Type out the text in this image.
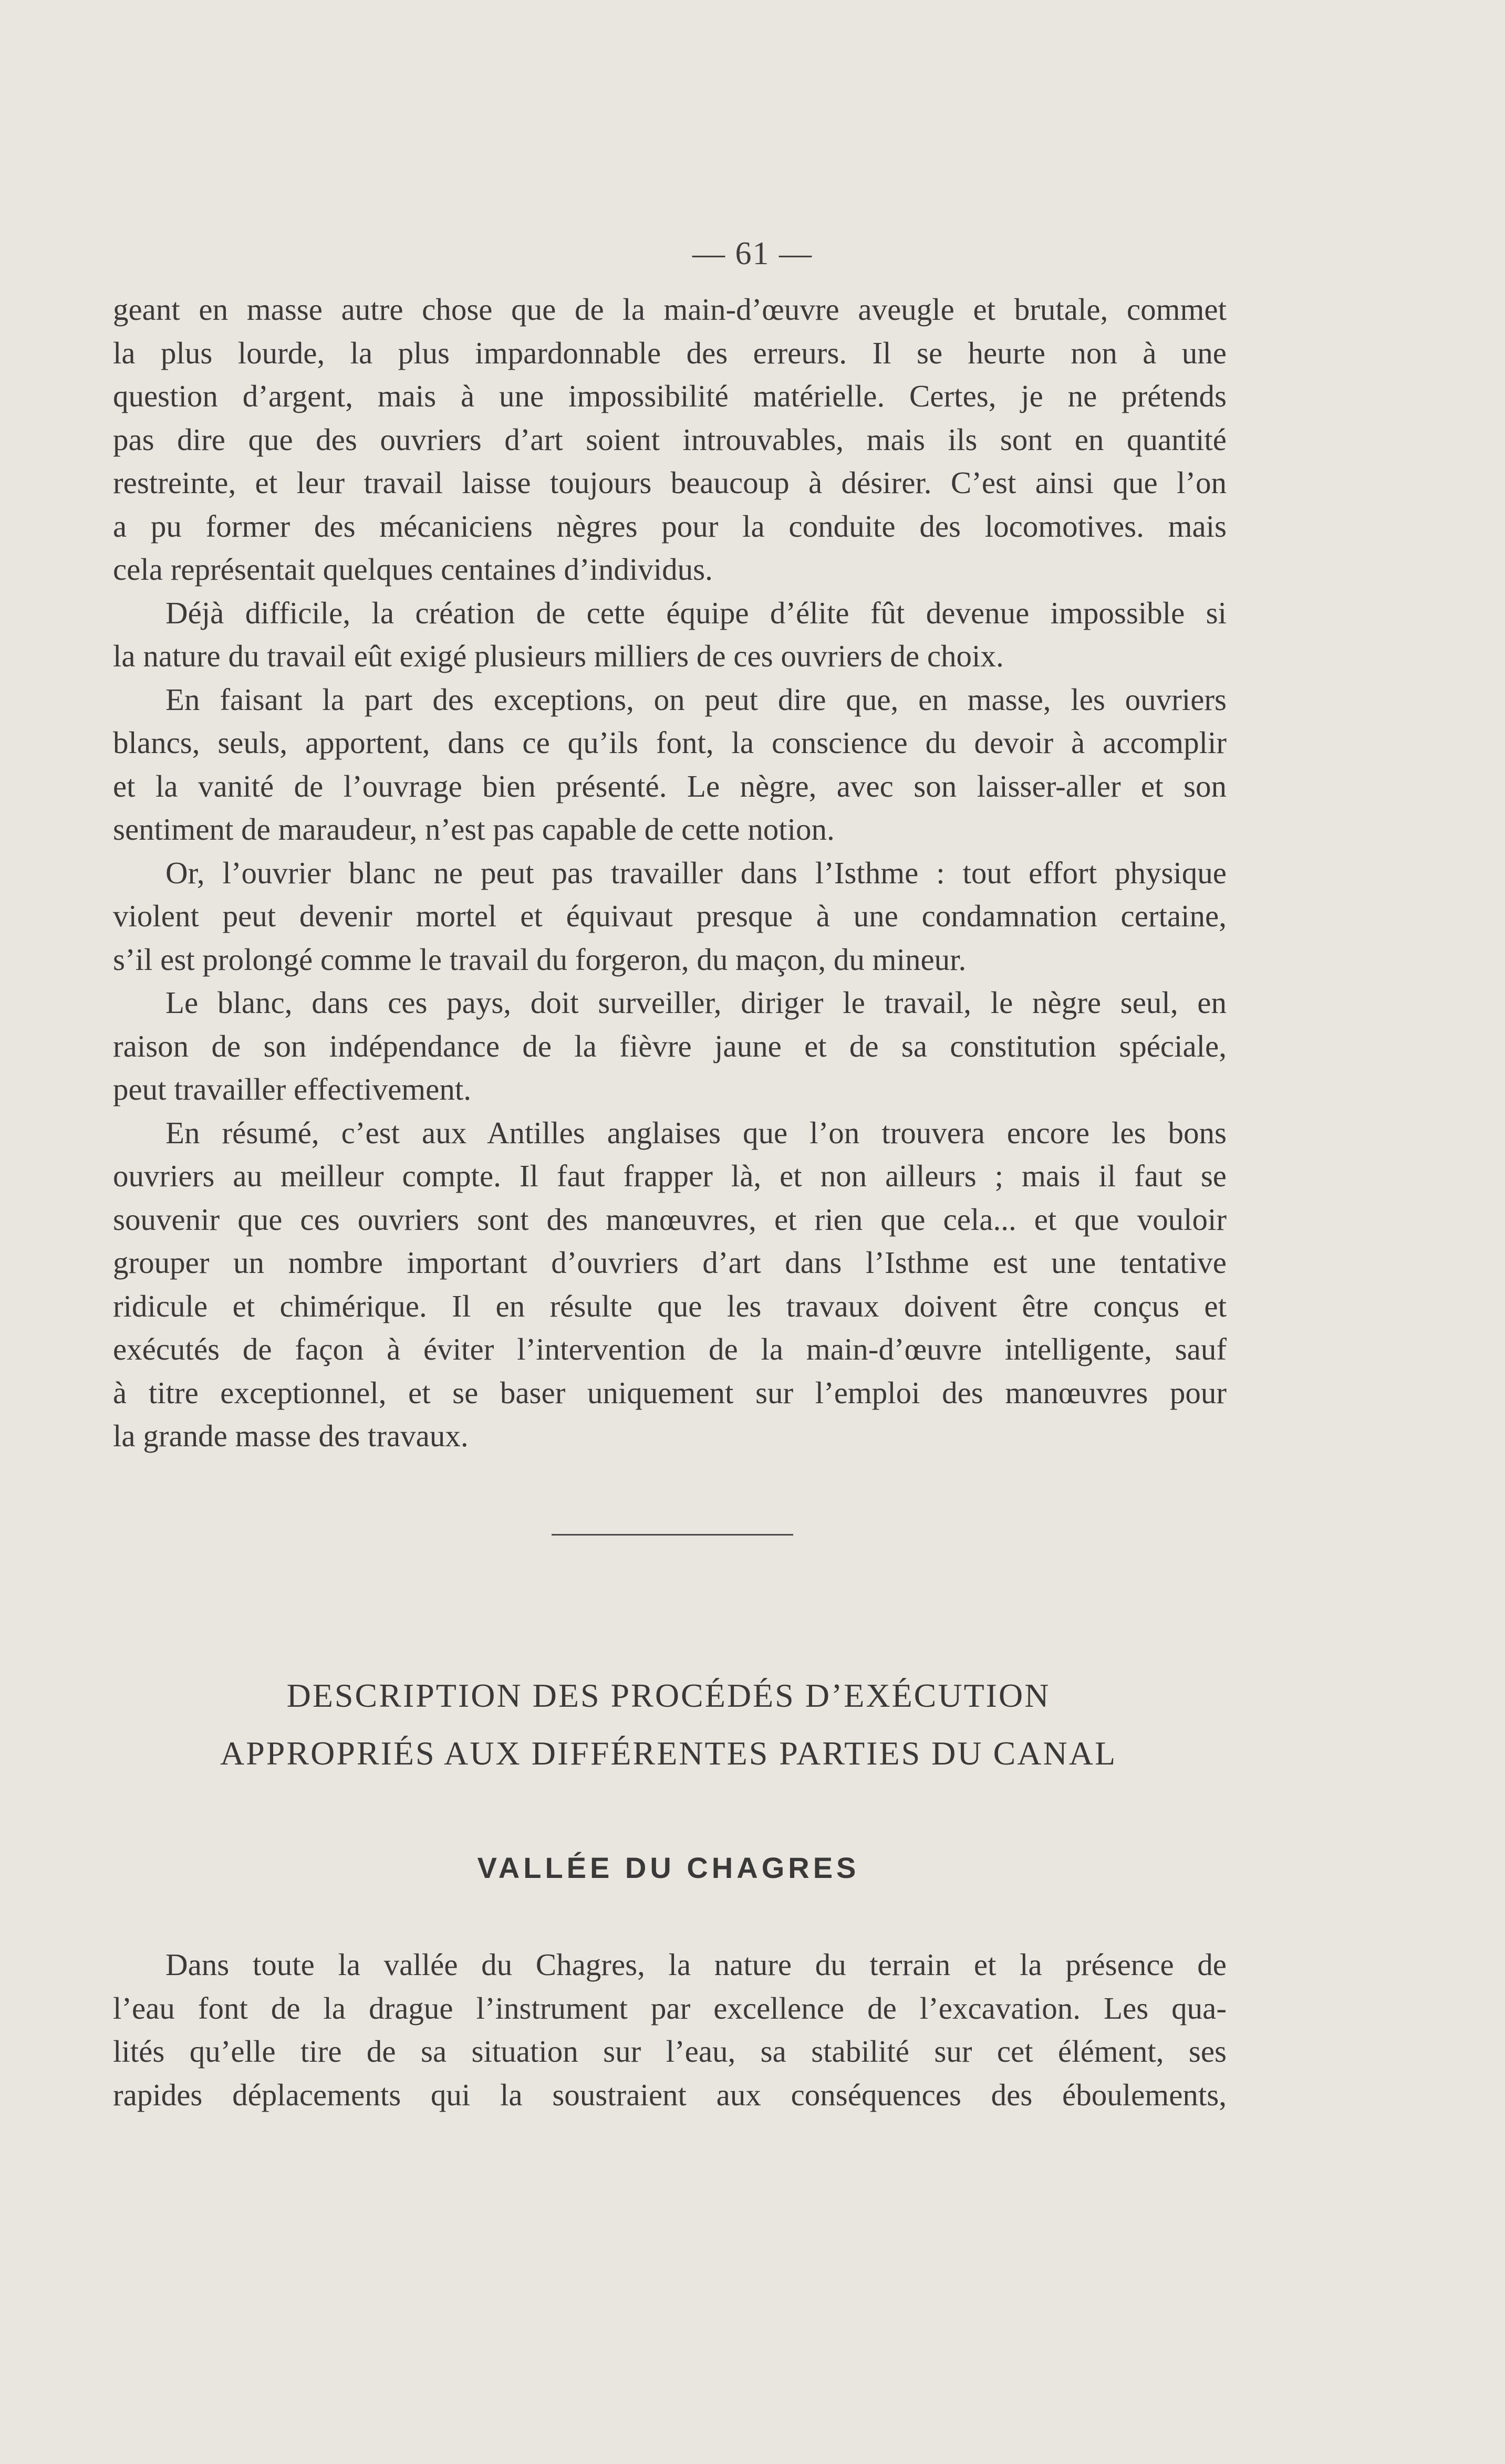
— 61 —

geant en masse autre chose que de la main-d’œuvre aveugle et brutale, commet

la plus lourde, la plus impardonnable des erreurs. Il se heurte non à une

question d’argent, mais à une impossibilité matérielle. Certes, je ne prétends

pas dire que des ouvriers d’art soient introuvables, mais ils sont en quantité

restreinte, et leur travail laisse toujours beaucoup à désirer. C’est ainsi que l’on

a pu former des mécaniciens nègres pour la conduite des locomotives. mais

cela représentait quelques centaines d’individus.

Déjà difficile, la création de cette équipe d’élite fût devenue impossible si

la nature du travail eût exigé plusieurs milliers de ces ouvriers de choix.

En faisant la part des exceptions, on peut dire que, en masse, les ouvriers

blancs, seuls, apportent, dans ce qu’ils font, la conscience du devoir à accomplir

et la vanité de l’ouvrage bien présenté. Le nègre, avec son laisser-aller et son

sentiment de maraudeur, n’est pas capable de cette notion.

Or, l’ouvrier blanc ne peut pas travailler dans l’Isthme : tout effort physique

violent peut devenir mortel et équivaut presque à une condamnation certaine,

s’il est prolongé comme le travail du forgeron, du maçon, du mineur.

Le blanc, dans ces pays, doit surveiller, diriger le travail, le nègre seul, en

raison de son indépendance de la fièvre jaune et de sa constitution spéciale,

peut travailler effectivement.

En résumé, c’est aux Antilles anglaises que l’on trouvera encore les bons

ouvriers au meilleur compte. Il faut frapper là, et non ailleurs ; mais il faut se

souvenir que ces ouvriers sont des manœuvres, et rien que cela... et que vouloir

grouper un nombre important d’ouvriers d’art dans l’Isthme est une tentative

ridicule et chimérique. Il en résulte que les travaux doivent être conçus et

exécutés de façon à éviter l’intervention de la main-d’œuvre intelligente, sauf

à titre exceptionnel, et se baser uniquement sur l’emploi des manœuvres pour

la grande masse des travaux.

DESCRIPTION DES PROCÉDÉS D’EXÉCUTION
APPROPRIÉS AUX DIFFÉRENTES PARTIES DU CANAL
VALLÉE DU CHAGRES

Dans toute la vallée du Chagres, la nature du terrain et la présence de

l’eau font de la drague l’instrument par excellence de l’excavation. Les qua-

lités qu’elle tire de sa situation sur l’eau, sa stabilité sur cet élément, ses

rapides déplacements qui la soustraient aux conséquences des éboulements,
